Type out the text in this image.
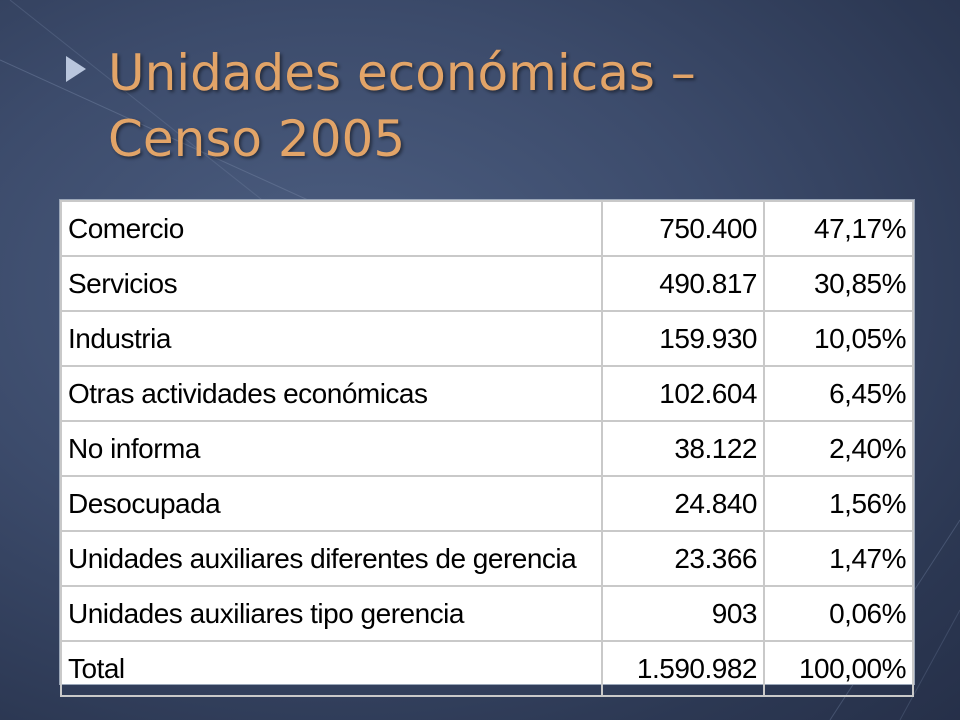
Unidades económicas –
Censo 2005
Comercio	750.400	47,17%
Servicios	490.817	30,85%
Industria	159.930	10,05%
Otras actividades económicas	102.604	6,45%
No informa	38.122	2,40%
Desocupada	24.840	1,56%
Unidades auxiliares diferentes de gerencia	23.366	1,47%
Unidades auxiliares tipo gerencia	903	0,06%
Total	1.590.982	100,00%
